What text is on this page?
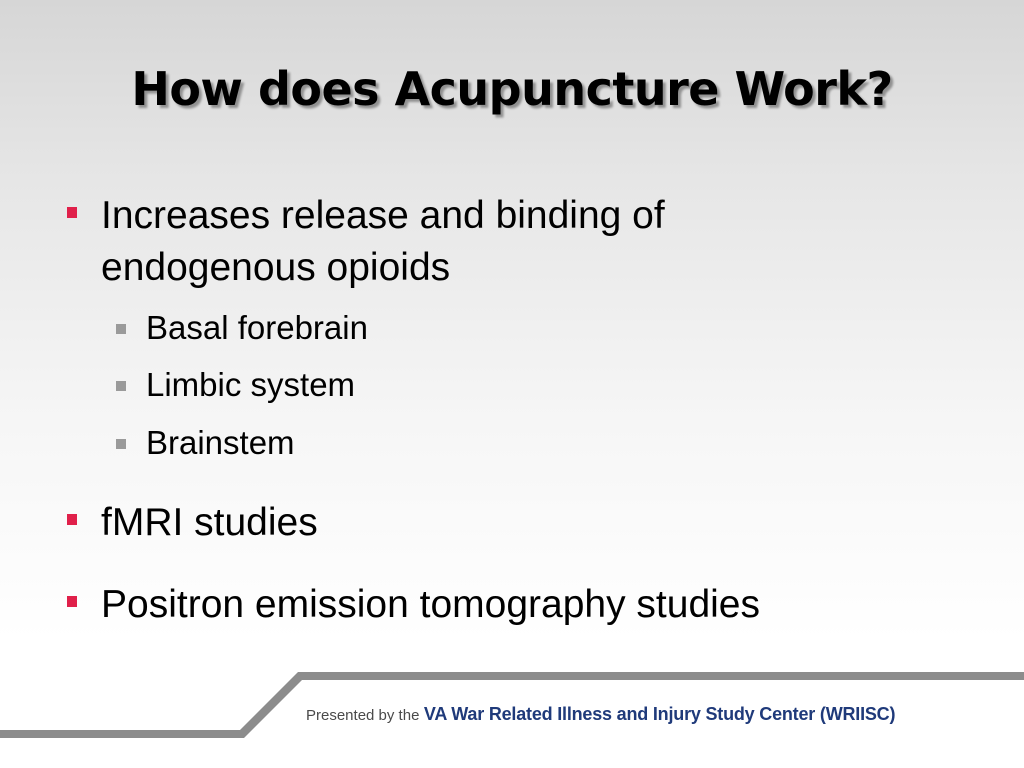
How does Acupuncture Work?
Increases release and binding of endogenous opioids
Basal forebrain
Limbic system
Brainstem
fMRI studies
Positron emission tomography studies
Presented by the VA War Related Illness and Injury Study Center (WRIISC)
